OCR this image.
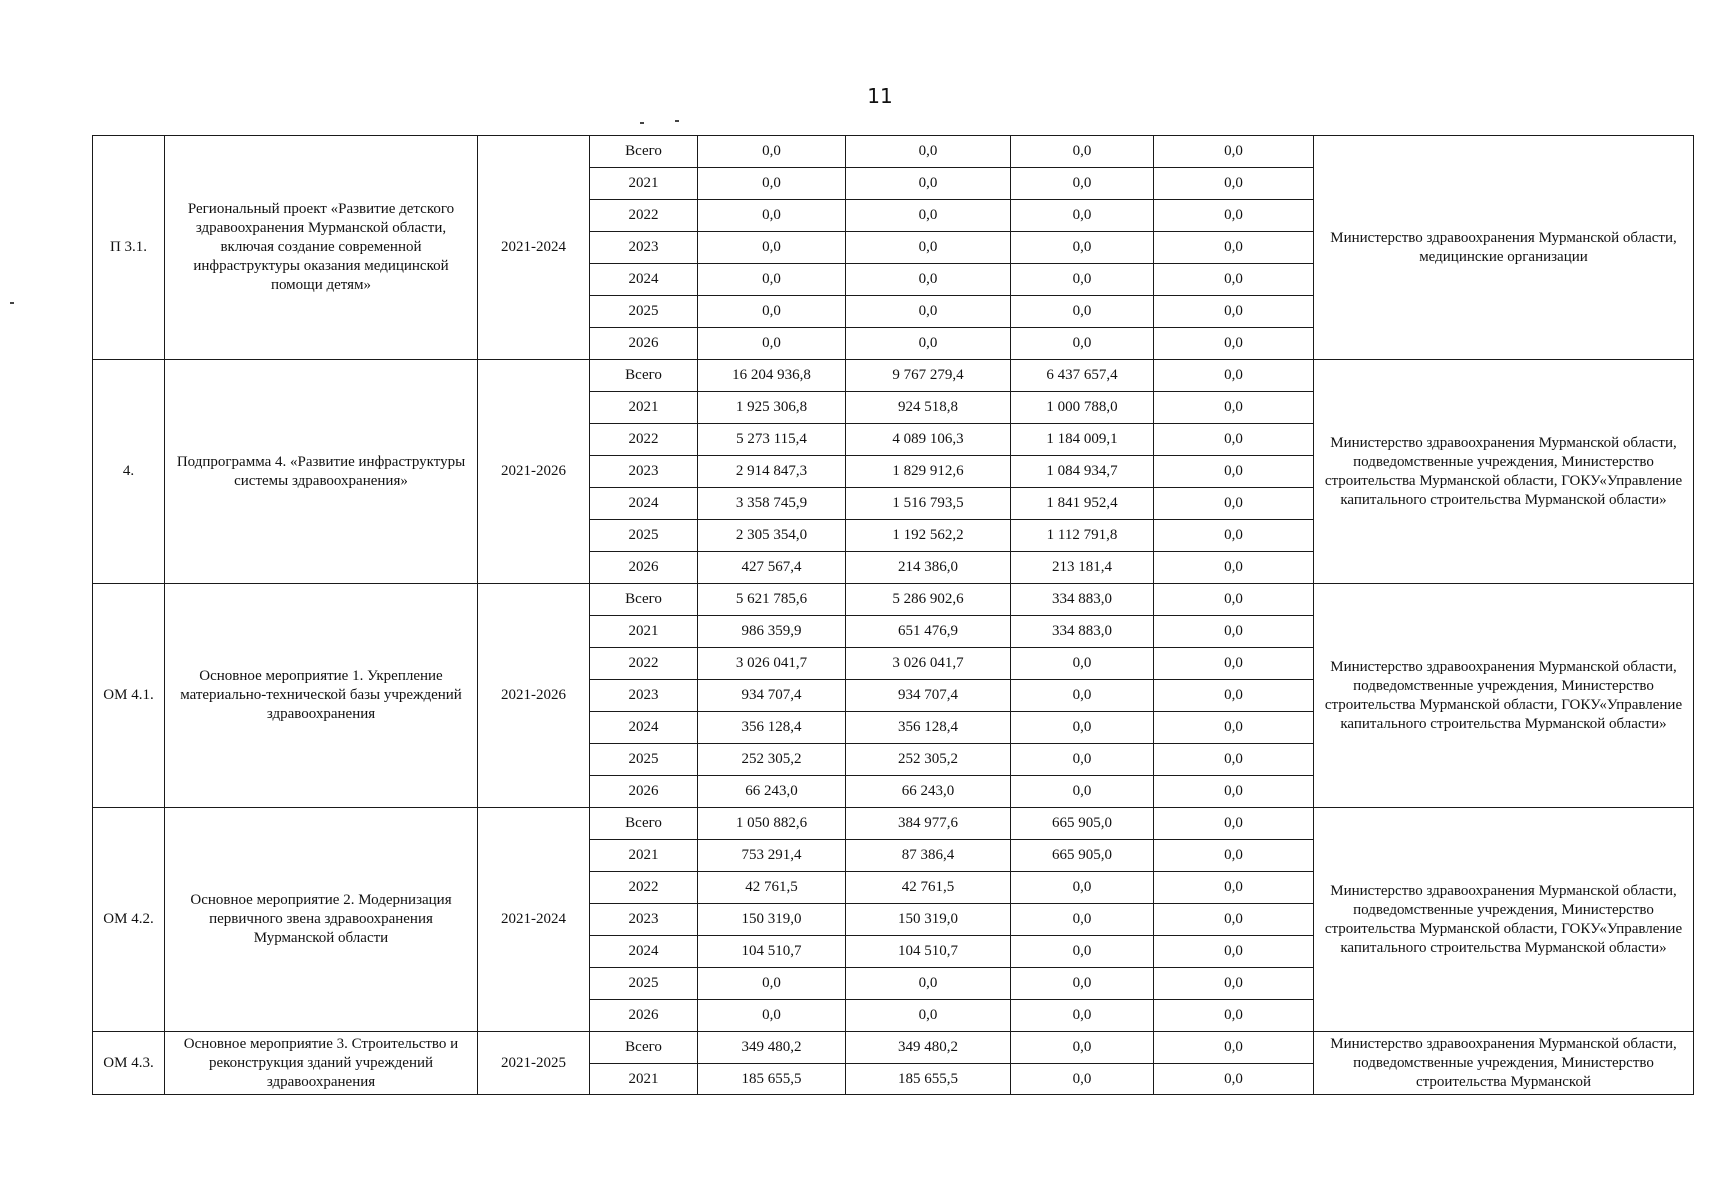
11
П 3.1.	Региональный проект «Развитие детского здравоохранения Мурманской области, включая создание современной инфраструктуры оказания медицинской помощи детям»	2021-2024	Всего	0,0	0,0	0,0	0,0	Министерство здравоохранения Мурманской области, медицинские организации
			2021	0,0	0,0	0,0	0,0	
			2022	0,0	0,0	0,0	0,0	
			2023	0,0	0,0	0,0	0,0	
			2024	0,0	0,0	0,0	0,0	
			2025	0,0	0,0	0,0	0,0	
			2026	0,0	0,0	0,0	0,0	
4.	Подпрограмма 4. «Развитие инфраструктуры системы здравоохранения»	2021-2026	Всего	16 204 936,8	9 767 279,4	6 437 657,4	0,0	Министерство здравоохранения Мурманской области, подведомственные учреждения, Министерство строительства Мурманской области, ГОКУ«Управление капитального строительства Мурманской области»
			2021	1 925 306,8	924 518,8	1 000 788,0	0,0	
			2022	5 273 115,4	4 089 106,3	1 184 009,1	0,0	
			2023	2 914 847,3	1 829 912,6	1 084 934,7	0,0	
			2024	3 358 745,9	1 516 793,5	1 841 952,4	0,0	
			2025	2 305 354,0	1 192 562,2	1 112 791,8	0,0	
			2026	427 567,4	214 386,0	213 181,4	0,0	
ОМ 4.1.	Основное мероприятие 1. Укрепление материально-технической базы учреждений здравоохранения	2021-2026	Всего	5 621 785,6	5 286 902,6	334 883,0	0,0	Министерство здравоохранения Мурманской области, подведомственные учреждения, Министерство строительства Мурманской области, ГОКУ«Управление капитального строительства Мурманской области»
			2021	986 359,9	651 476,9	334 883,0	0,0	
			2022	3 026 041,7	3 026 041,7	0,0	0,0	
			2023	934 707,4	934 707,4	0,0	0,0	
			2024	356 128,4	356 128,4	0,0	0,0	
			2025	252 305,2	252 305,2	0,0	0,0	
			2026	66 243,0	66 243,0	0,0	0,0	
ОМ 4.2.	Основное мероприятие 2. Модернизация первичного звена здравоохранения Мурманской области	2021-2024	Всего	1 050 882,6	384 977,6	665 905,0	0,0	Министерство здравоохранения Мурманской области, подведомственные учреждения, Министерство строительства Мурманской области, ГОКУ«Управление капитального строительства Мурманской области»
			2021	753 291,4	87 386,4	665 905,0	0,0	
			2022	42 761,5	42 761,5	0,0	0,0	
			2023	150 319,0	150 319,0	0,0	0,0	
			2024	104 510,7	104 510,7	0,0	0,0	
			2025	0,0	0,0	0,0	0,0	
			2026	0,0	0,0	0,0	0,0	
ОМ 4.3.	Основное мероприятие 3. Строительство и реконструкция зданий учреждений здравоохранения	2021-2025	Всего	349 480,2	349 480,2	0,0	0,0	Министерство здравоохранения Мурманской области, подведомственные учреждения, Министерство строительства Мурманской
			2021	185 655,5	185 655,5	0,0	0,0	
